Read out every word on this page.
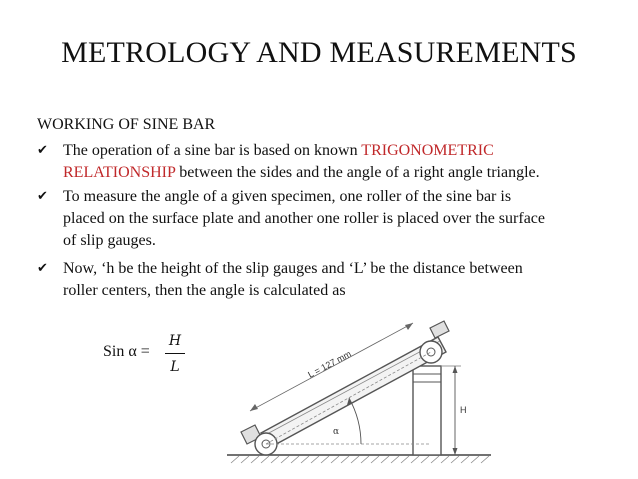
METROLOGY AND MEASUREMENTS
WORKING OF SINE BAR
✔ The operation of a sine bar is based on known TRIGONOMETRIC
RELATIONSHIP between the sides and the angle of a right angle triangle.
✔ To measure the angle of a given specimen, one roller of the sine bar is
placed on the surface plate and another one roller is placed over the surface
of slip gauges.
✔ Now, ‘h be the height of the slip gauges and ‘L’ be the distance between
roller centers, then the angle is calculated as
Sin α =
H
L
H
L = 127 mm
α
